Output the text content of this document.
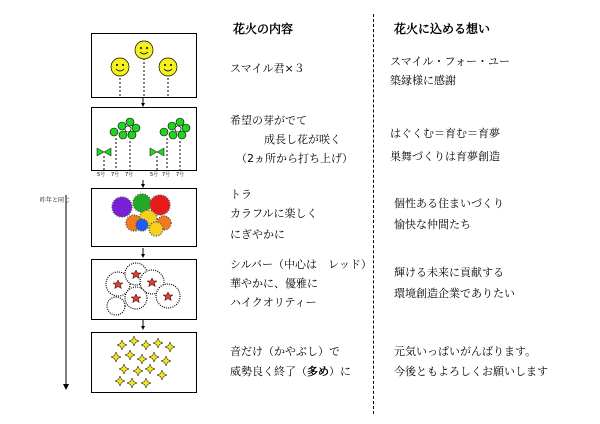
花火の内容	花火に込める想い
昨年と同じ
5号 7号 7号	5号 7号 7号
スマイル君×３
希望の芽がでて
成長し花が咲く
（2ヵ所から打ち上げ）
トラ
カラフルに楽しく
にぎやかに
シルバー（中心は　レッド）
華やかに、優雅に
ハイクオリティー
音だけ（かやぶし）で
威勢良く終了（多め）に
スマイル・フォー・ユー
築縁様に感謝
はぐくむ＝育む＝育夢
巣舞づくりは育夢創造
個性ある住まいづくり
愉快な仲間たち
輝ける未来に貢献する
環境創造企業でありたい
元気いっぱいがんばります。
今後ともよろしくお願いします
